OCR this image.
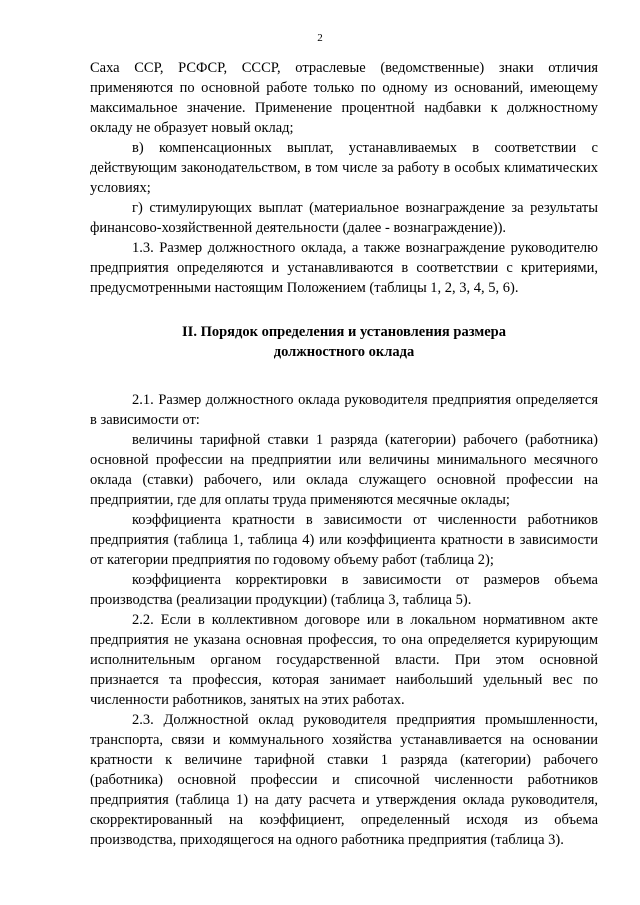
2

Саха ССР, РСФСР, СССР, отраслевые (ведомственные) знаки отличия применяются по основной работе только по одному из оснований, имеющему максимальное значение. Применение процентной надбавки к должностному окладу не образует новый оклад;

в) компенсационных выплат, устанавливаемых в соответствии с действующим законодательством, в том числе за работу в особых климатических условиях;

г) стимулирующих выплат (материальное вознаграждение за результаты финансово-хозяйственной деятельности (далее - вознаграждение)).

1.3. Размер должностного оклада, а также вознаграждение руководителю предприятия определяются и устанавливаются в соответствии с критериями, предусмотренными настоящим Положением (таблицы 1, 2, 3, 4, 5, 6).

II. Порядок определения и установления размера
должностного оклада

2.1. Размер должностного оклада руководителя предприятия определяется в зависимости от:

величины тарифной ставки 1 разряда (категории) рабочего (работника) основной профессии на предприятии или величины минимального месячного оклада (ставки) рабочего, или оклада служащего основной профессии на предприятии, где для оплаты труда применяются месячные оклады;

коэффициента кратности в зависимости от численности работников предприятия (таблица 1, таблица 4) или коэффициента кратности в зависимости от категории предприятия по годовому объему работ (таблица 2);

коэффициента корректировки в зависимости от размеров объема производства (реализации продукции) (таблица 3, таблица 5).

2.2. Если в коллективном договоре или в локальном нормативном акте предприятия не указана основная профессия, то она определяется курирующим исполнительным органом государственной власти. При этом основной признается та профессия, которая занимает наибольший удельный вес по численности работников, занятых на этих работах.

2.3. Должностной оклад руководителя предприятия промышленности, транспорта, связи и коммунального хозяйства устанавливается на основании кратности к величине тарифной ставки 1 разряда (категории) рабочего (работника) основной профессии и списочной численности работников предприятия (таблица 1) на дату расчета и утверждения оклада руководителя, скорректированный на коэффициент, определенный исходя из объема производства, приходящегося на одного работника предприятия (таблица 3).
